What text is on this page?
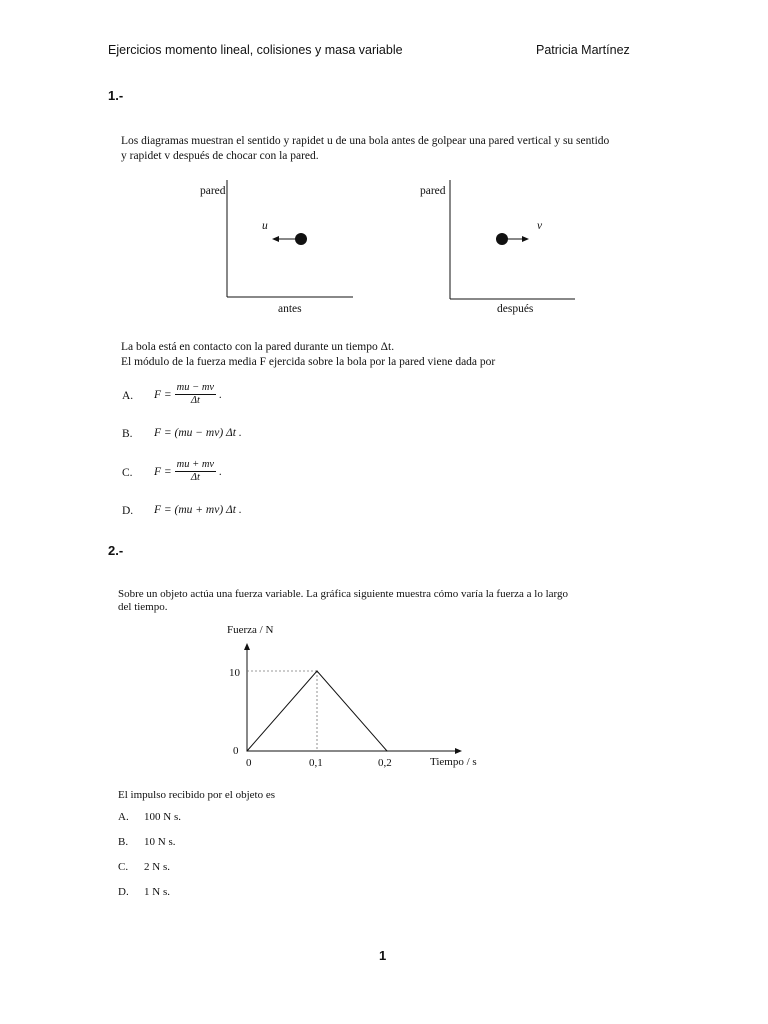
Ejercicios momento lineal, colisiones y masa variable	Patricia Martínez
1.-
Los diagramas muestran el sentido y rapidet u de una bola antes de golpear una pared vertical y su sentido
y rapidet v después de chocar con la pared.
pared
antes
u
pared
después
v
La bola está en contacto con la pared durante un tiempo Δt.
El módulo de la fuerza media F ejercida sobre la bola por la pared viene dada por
A. $F = \frac{mu - mv}{\Delta t}$ .
B. F = (mu − mv) Δt .
C. $F = \frac{mu + mv}{\Delta t}$ .
D. F = (mu + mv) Δt .
2.-
Sobre un objeto actúa una fuerza variable. La gráfica siguiente muestra cómo varía la fuerza a lo largo
del tiempo.
Fuerza / N
Tiempo / s
10
0
0	0,1	0,2
El impulso recibido por el objeto es
A. 100 N s.
B. 10 N s.
C. 2 N s.
D. 1 N s.
1
